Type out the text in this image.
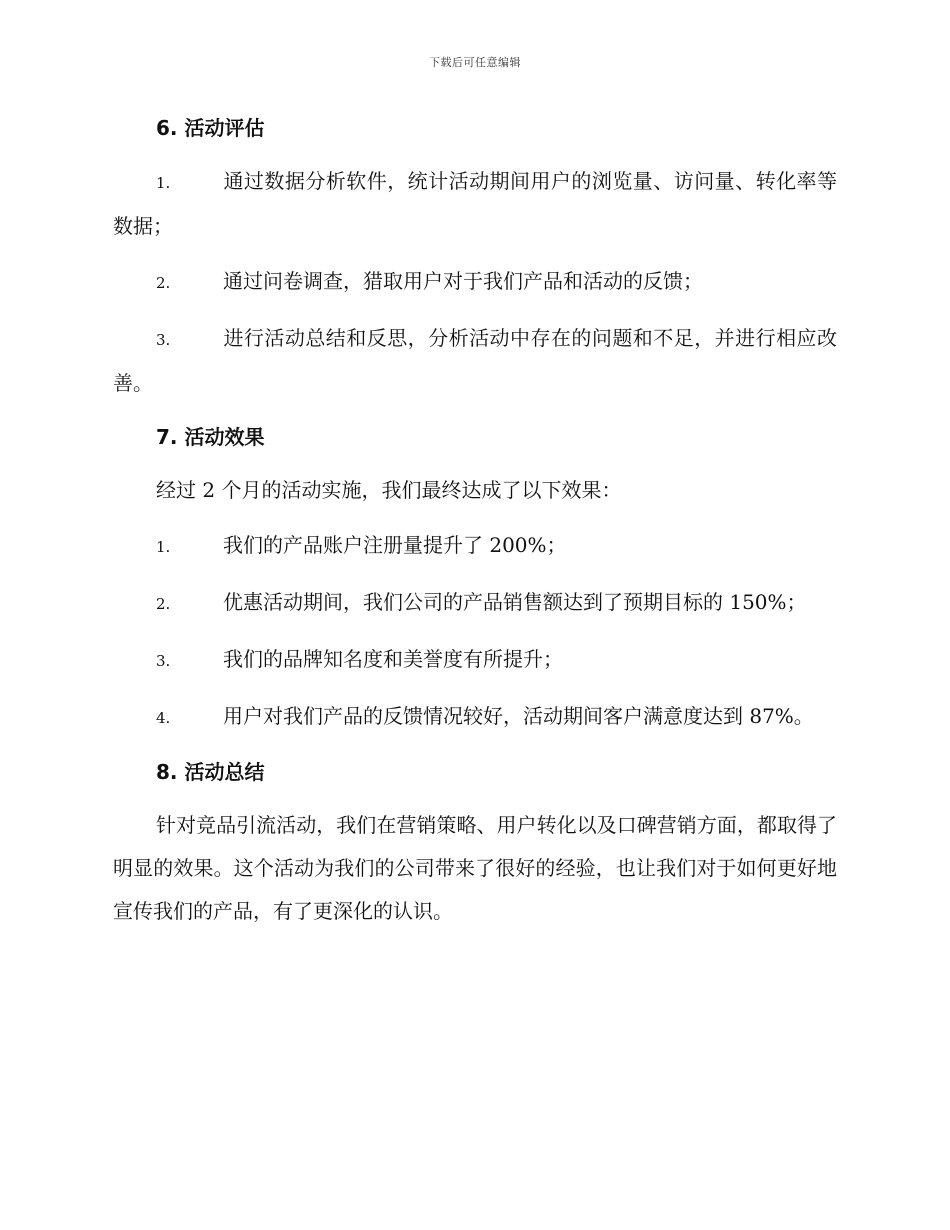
下载后可任意编辑
6. 活动评估

1.	通过数据分析软件，统计活动期间用户的浏览量、访问量、转化率等数据；

2.	通过问卷调查，猎取用户对于我们产品和活动的反馈；

3.	进行活动总结和反思，分析活动中存在的问题和不足，并进行相应改善。

7. 活动效果

经过 2 个月的活动实施，我们最终达成了以下效果：

1.	我们的产品账户注册量提升了 200%；

2.	优惠活动期间，我们公司的产品销售额达到了预期目标的 150%；

3.	我们的品牌知名度和美誉度有所提升；

4.	用户对我们产品的反馈情况较好，活动期间客户满意度达到 87%。

8. 活动总结

针对竞品引流活动，我们在营销策略、用户转化以及口碑营销方面，都取得了明显的效果。这个活动为我们的公司带来了很好的经验，也让我们对于如何更好地宣传我们的产品，有了更深化的认识。
